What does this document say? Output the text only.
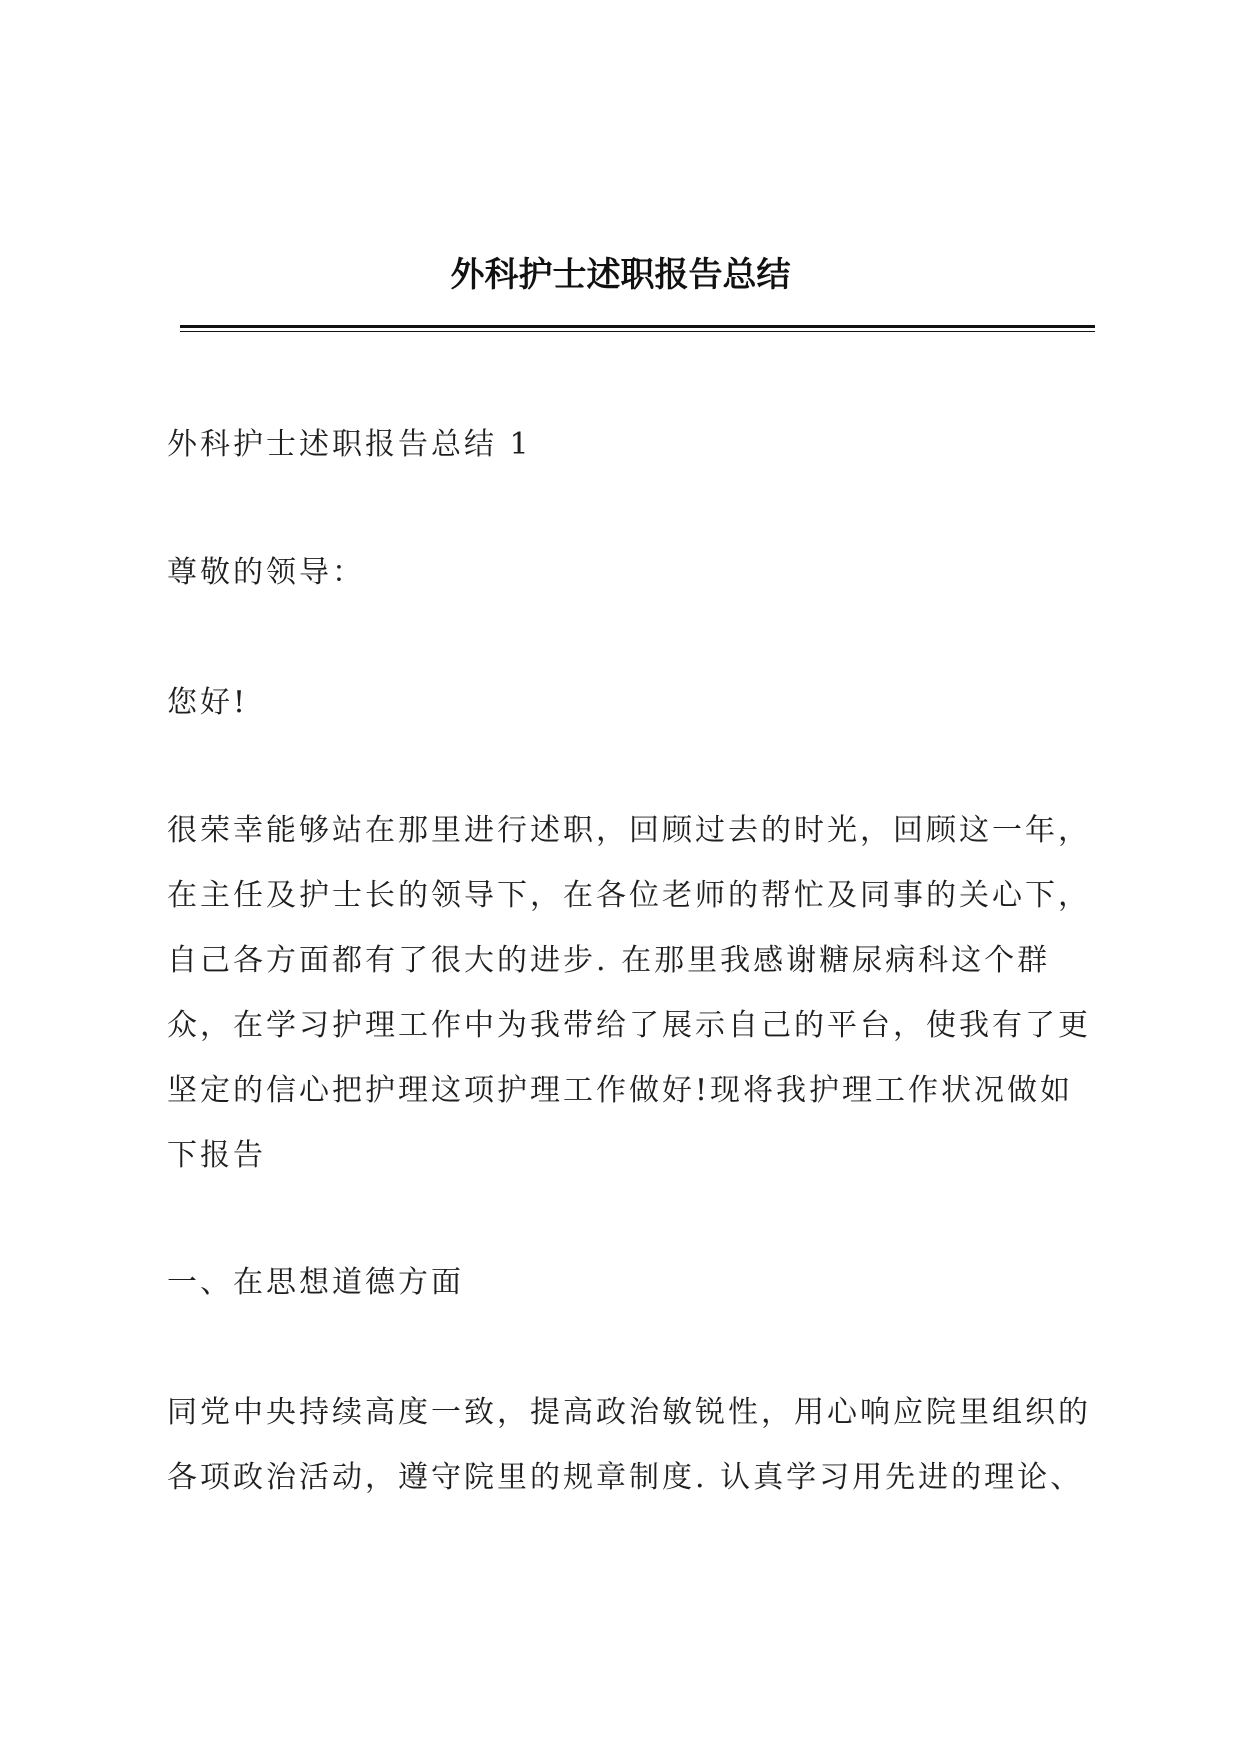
外科护士述职报告总结

外科护士述职报告总结 1

尊敬的领导：

您好!

很荣幸能够站在那里进行述职，回顾过去的时光，回顾这一年，在主任及护士长的领导下，在各位老师的帮忙及同事的关心下，自己各方面都有了很大的进步. 在那里我感谢糖尿病科这个群众，在学习护理工作中为我带给了展示自己的平台，使我有了更坚定的信心把护理这项护理工作做好!现将我护理工作状况做如下报告

一、在思想道德方面

同党中央持续高度一致，提高政治敏锐性，用心响应院里组织的各项政治活动，遵守院里的规章制度. 认真学习用先进的理论、
